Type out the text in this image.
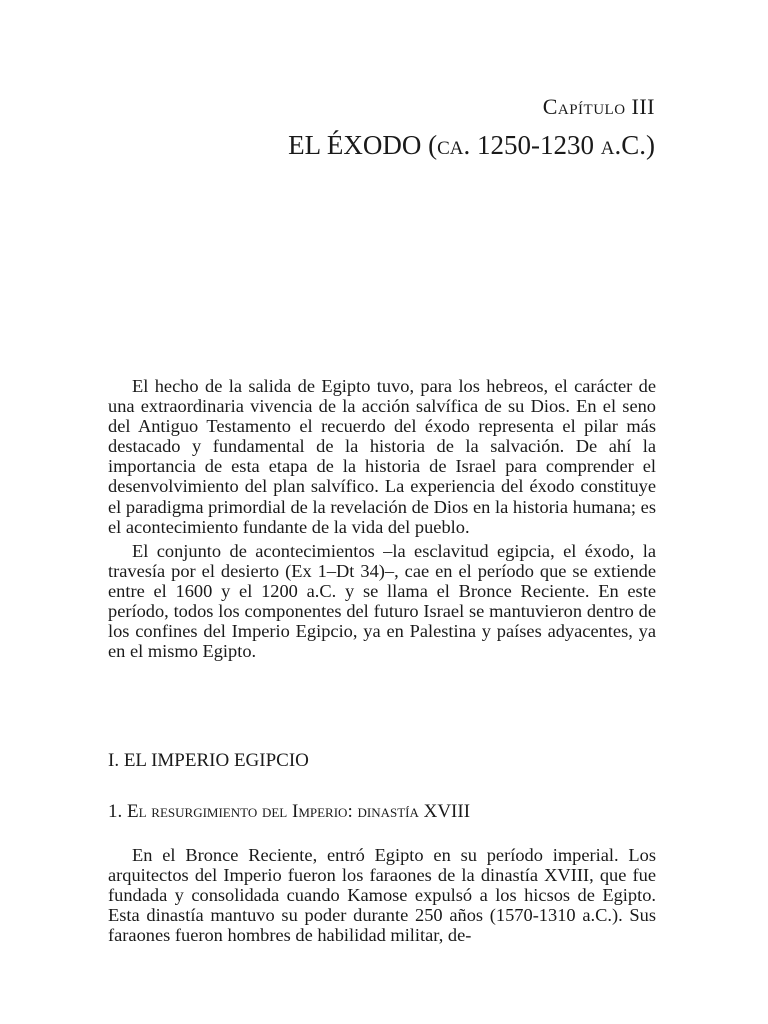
Capítulo III
EL ÉXODO (ca. 1250-1230 a.C.)

El hecho de la salida de Egipto tuvo, para los hebreos, el carácter de una extraordinaria vivencia de la acción salvífica de su Dios. En el seno del Antiguo Testamento el recuerdo del éxodo representa el pilar más destacado y fundamental de la historia de la salvación. De ahí la importancia de esta etapa de la historia de Israel para comprender el desenvolvimiento del plan salvífico. La experiencia del éxodo constituye el paradigma primordial de la revelación de Dios en la historia humana; es el acontecimiento fundante de la vida del pueblo.

El conjunto de acontecimientos –la esclavitud egipcia, el éxodo, la travesía por el desierto (Ex 1–Dt 34)–, cae en el período que se extiende entre el 1600 y el 1200 a.C. y se llama el Bronce Reciente. En este período, todos los componentes del futuro Israel se mantuvieron dentro de los confines del Imperio Egipcio, ya en Palestina y países adyacentes, ya en el mismo Egipto.

I. EL IMPERIO EGIPCIO
1. El resurgimiento del Imperio: dinastía XVIII

En el Bronce Reciente, entró Egipto en su período imperial. Los arquitectos del Imperio fueron los faraones de la dinastía XVIII, que fue fundada y consolidada cuando Kamose expulsó a los hicsos de Egipto. Esta dinastía mantuvo su poder durante 250 años (1570-1310 a.C.). Sus faraones fueron hombres de habilidad militar, de-
